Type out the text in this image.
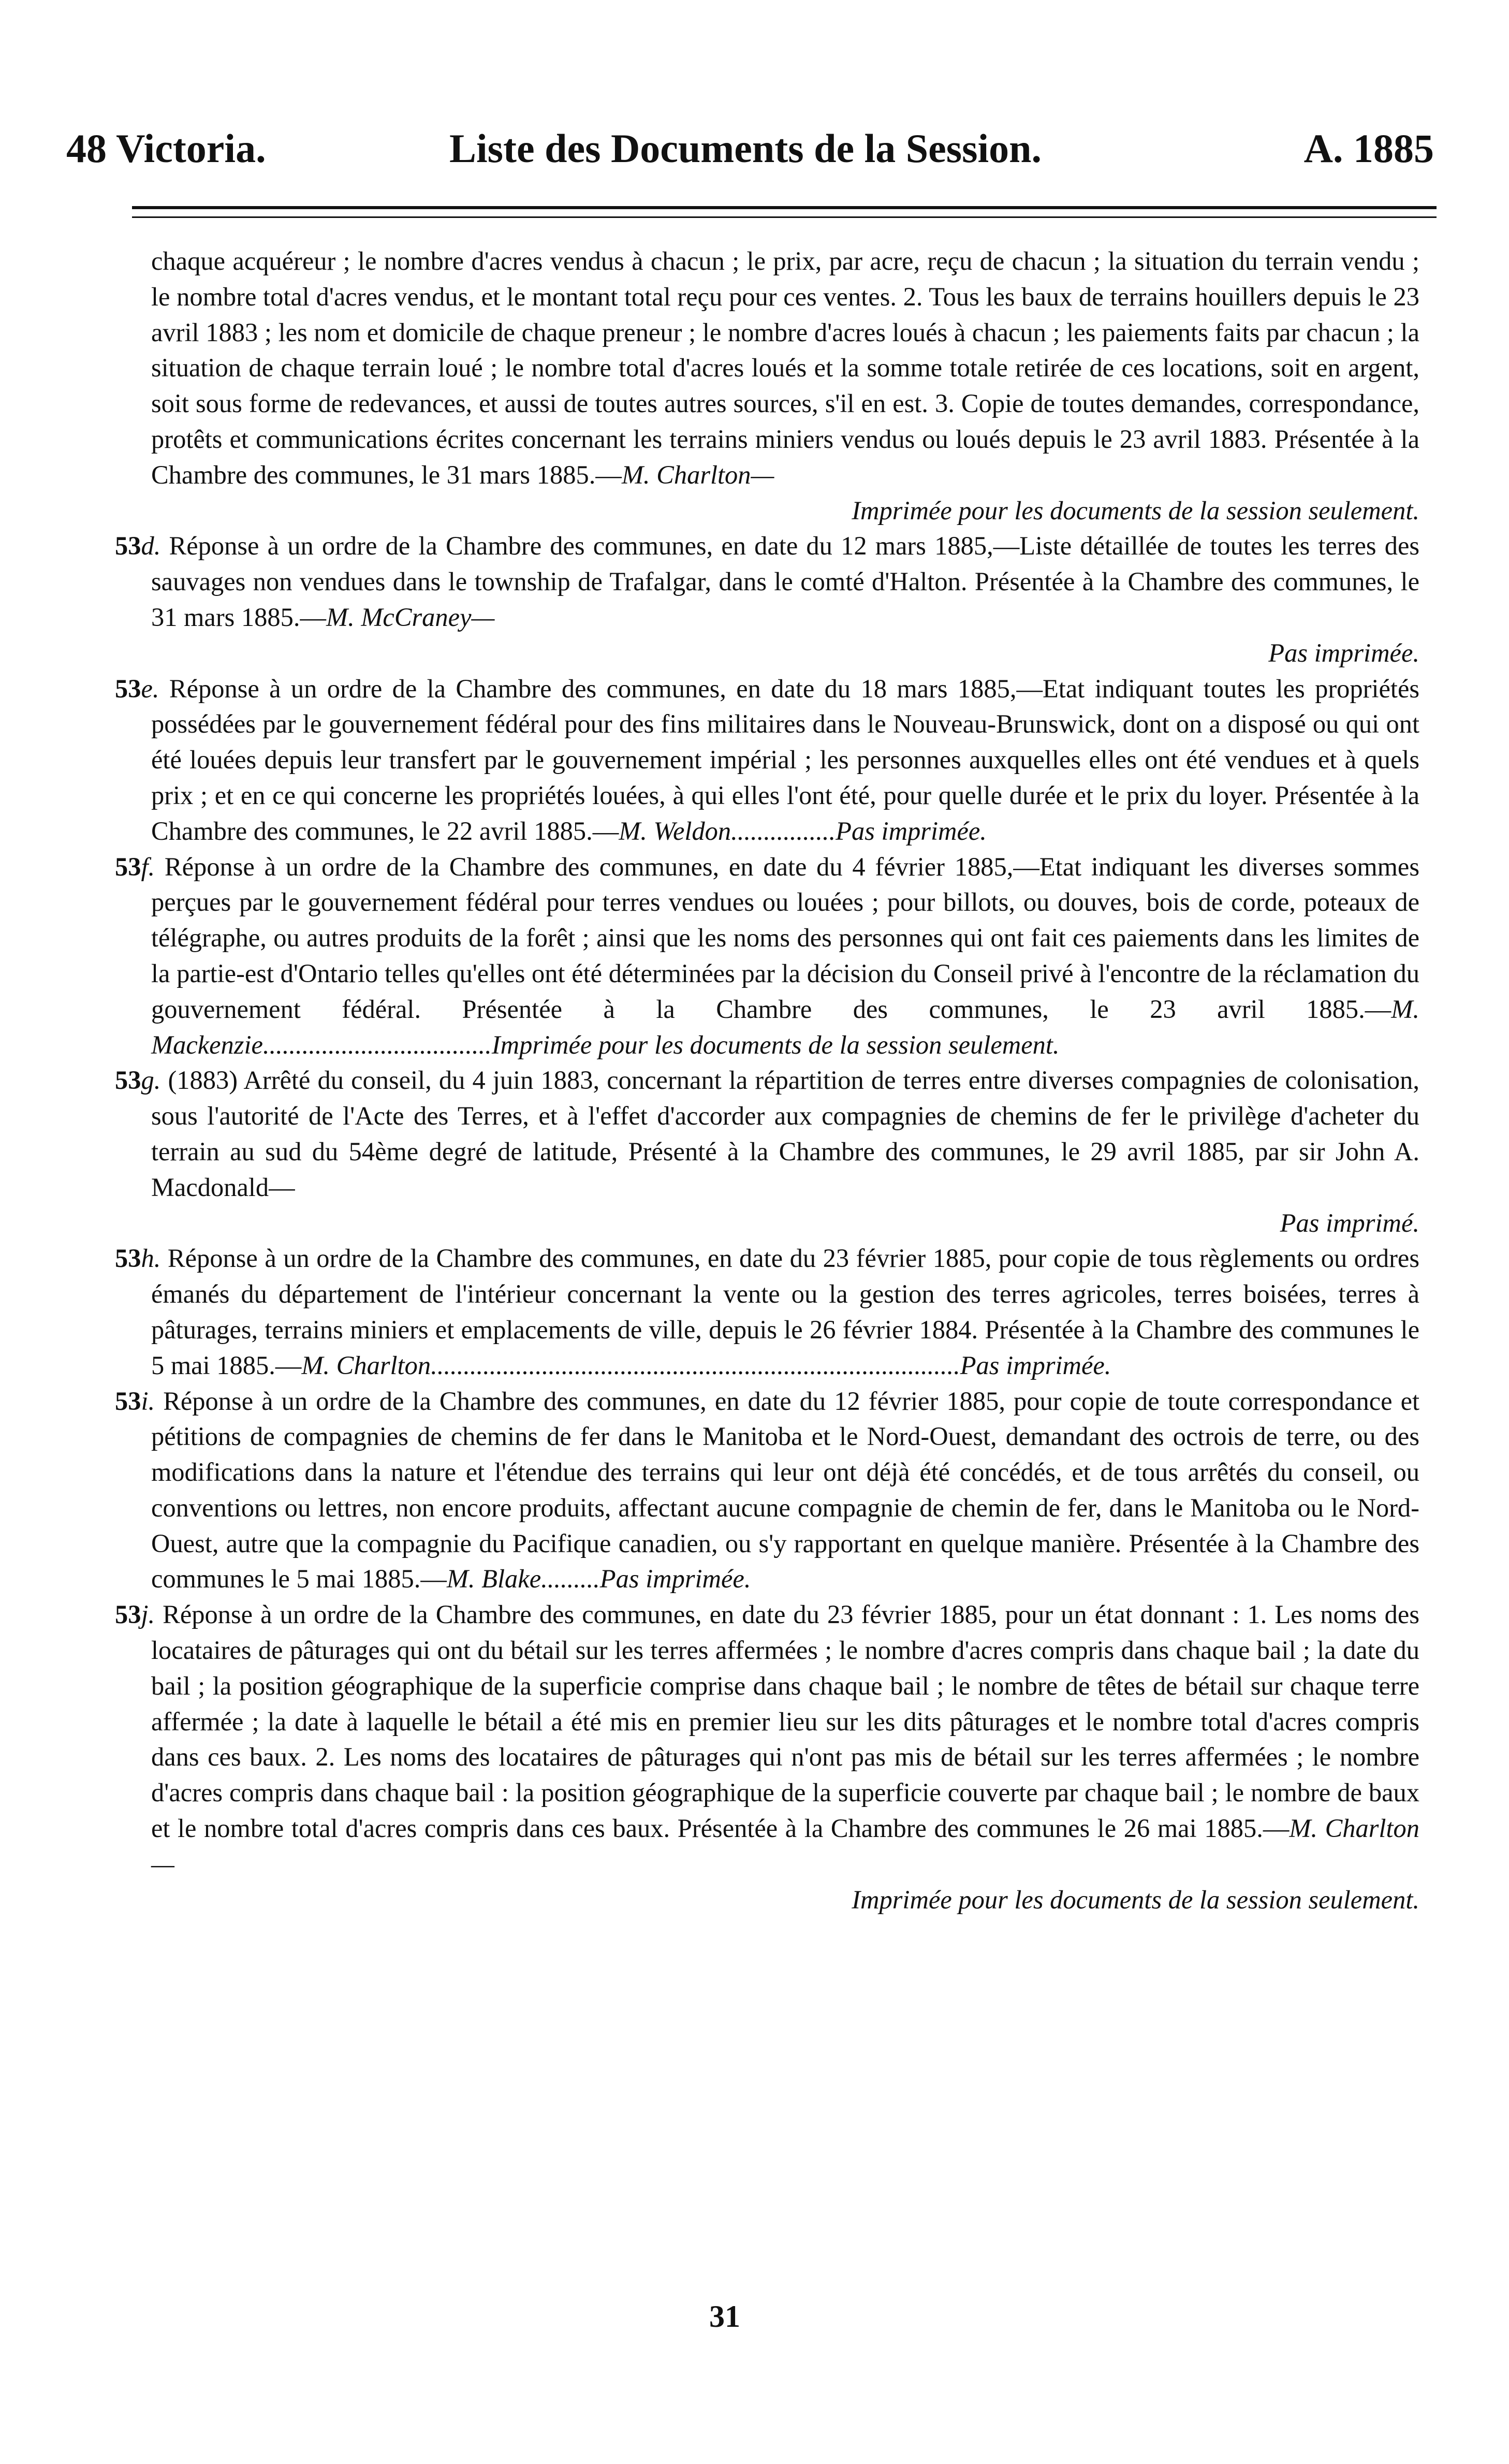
48 Victoria.	Liste des Documents de la Session.	A. 1885

chaque acquéreur ; le nombre d'acres vendus à chacun ; le prix, par acre, reçu de chacun ; la situation du terrain vendu ; le nombre total d'acres vendus, et le montant total reçu pour ces ventes. 2. Tous les baux de terrains houillers depuis le 23 avril 1883 ; les nom et domicile de chaque preneur ; le nombre d'acres loués à chacun ; les paiements faits par chacun ; la situation de chaque terrain loué ; le nombre total d'acres loués et la somme totale retirée de ces locations, soit en argent, soit sous forme de redevances, et aussi de toutes autres sources, s'il en est. 3. Copie de toutes demandes, correspondance, protêts et communications écrites concernant les terrains miniers vendus ou loués depuis le 23 avril 1883. Présentée à la Chambre des communes, le 31 mars 1885.—M. Charlton—

Imprimée pour les documents de la session seulement.

53d. Réponse à un ordre de la Chambre des communes, en date du 12 mars 1885,—Liste détaillée de toutes les terres des sauvages non vendues dans le township de Trafalgar, dans le comté d'Halton. Présentée à la Chambre des communes, le 31 mars 1885.—M. McCraney—

Pas imprimée.

53e. Réponse à un ordre de la Chambre des communes, en date du 18 mars 1885,—Etat indiquant toutes les propriétés possédées par le gouvernement fédéral pour des fins militaires dans le Nouveau-Brunswick, dont on a disposé ou qui ont été louées depuis leur transfert par le gouvernement impérial ; les personnes auxquelles elles ont été vendues et à quels prix ; et en ce qui concerne les propriétés louées, à qui elles l'ont été, pour quelle durée et le prix du loyer. Présentée à la Chambre des communes, le 22 avril 1885.—M. Weldon................Pas imprimée.

53f. Réponse à un ordre de la Chambre des communes, en date du 4 février 1885,—Etat indiquant les diverses sommes perçues par le gouvernement fédéral pour terres vendues ou louées ; pour billots, ou douves, bois de corde, poteaux de télégraphe, ou autres produits de la forêt ; ainsi que les noms des personnes qui ont fait ces paiements dans les limites de la partie-est d'Ontario telles qu'elles ont été déterminées par la décision du Conseil privé à l'encontre de la réclamation du gouvernement fédéral. Présentée à la Chambre des communes, le 23 avril 1885.—M. Mackenzie...................................Imprimée pour les documents de la session seulement.

53g. (1883) Arrêté du conseil, du 4 juin 1883, concernant la répartition de terres entre diverses compagnies de colonisation, sous l'autorité de l'Acte des Terres, et à l'effet d'accorder aux compagnies de chemins de fer le privilège d'acheter du terrain au sud du 54ème degré de latitude, Présenté à la Chambre des communes, le 29 avril 1885, par sir John A. Macdonald—

Pas imprimé.

53h. Réponse à un ordre de la Chambre des communes, en date du 23 février 1885, pour copie de tous règlements ou ordres émanés du département de l'intérieur concernant la vente ou la gestion des terres agricoles, terres boisées, terres à pâturages, terrains miniers et emplacements de ville, depuis le 26 février 1884. Présentée à la Chambre des communes le 5 mai 1885.—M. Charlton.................................................................................Pas imprimée.

53i. Réponse à un ordre de la Chambre des communes, en date du 12 février 1885, pour copie de toute correspondance et pétitions de compagnies de chemins de fer dans le Manitoba et le Nord-Ouest, demandant des octrois de terre, ou des modifications dans la nature et l'étendue des terrains qui leur ont déjà été concédés, et de tous arrêtés du conseil, ou conventions ou lettres, non encore produits, affectant aucune compagnie de chemin de fer, dans le Manitoba ou le Nord-Ouest, autre que la compagnie du Pacifique canadien, ou s'y rapportant en quelque manière. Présentée à la Chambre des communes le 5 mai 1885.—M. Blake.........Pas imprimée.

53j. Réponse à un ordre de la Chambre des communes, en date du 23 février 1885, pour un état donnant : 1. Les noms des locataires de pâturages qui ont du bétail sur les terres affermées ; le nombre d'acres compris dans chaque bail ; la date du bail ; la position géographique de la superficie comprise dans chaque bail ; le nombre de têtes de bétail sur chaque terre affermée ; la date à laquelle le bétail a été mis en premier lieu sur les dits pâturages et le nombre total d'acres compris dans ces baux. 2. Les noms des locataires de pâturages qui n'ont pas mis de bétail sur les terres affermées ; le nombre d'acres compris dans chaque bail : la position géographique de la superficie couverte par chaque bail ; le nombre de baux et le nombre total d'acres compris dans ces baux. Présentée à la Chambre des communes le 26 mai 1885.—M. Charlton—

Imprimée pour les documents de la session seulement.

31
